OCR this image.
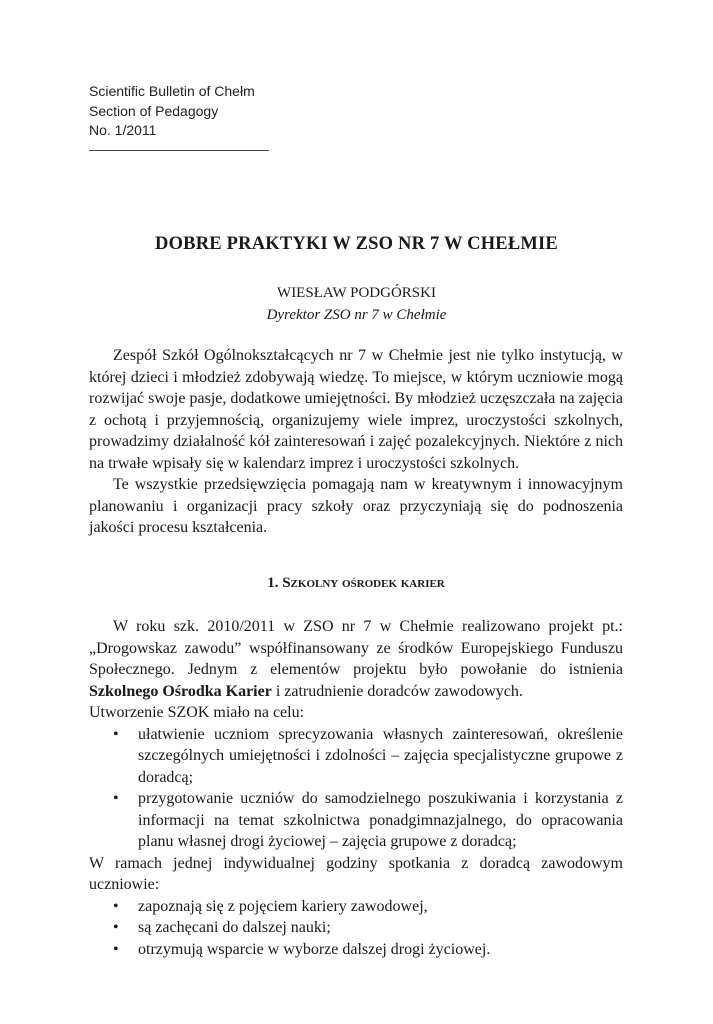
Scientific Bulletin of Chełm
Section of Pedagogy
No. 1/2011
DOBRE PRAKTYKI W ZSO NR 7 W CHEŁMIE
WIESŁAW PODGÓRSKI
Dyrektor ZSO nr 7 w Chełmie

Zespół Szkół Ogólnokształcących nr 7 w Chełmie jest nie tylko instytucją, w której dzieci i młodzież zdobywają wiedzę. To miejsce, w którym uczniowie mogą rozwijać swoje pasje, dodatkowe umiejętności. By młodzież uczęszczała na zajęcia z ochotą i przyjemnością, organizujemy wiele imprez, uroczystości szkolnych, prowadzimy działalność kół zainteresowań i zajęć pozalekcyjnych. Niektóre z nich na trwałe wpisały się w kalendarz imprez i uroczystości szkolnych.

Te wszystkie przedsięwzięcia pomagają nam w kreatywnym i innowacyjnym planowaniu i organizacji pracy szkoły oraz przyczyniają się do podnoszenia jakości procesu kształcenia.

1. Szkolny ośrodek karier

W roku szk. 2010/2011 w ZSO nr 7 w Chełmie realizowano projekt pt.: „Drogowskaz zawodu” współfinansowany ze środków Europejskiego Funduszu Społecznego. Jednym z elementów projektu było powołanie do istnienia Szkolnego Ośrodka Karier i zatrudnienie doradców zawodowych.

Utworzenie SZOK miało na celu:

• ułatwienie uczniom sprecyzowania własnych zainteresowań, określenie szczególnych umiejętności i zdolności – zajęcia specjalistyczne grupowe z doradcą;
• przygotowanie uczniów do samodzielnego poszukiwania i korzystania z informacji na temat szkolnictwa ponadgimnazjalnego, do opracowania planu własnej drogi życiowej – zajęcia grupowe z doradcą;

W ramach jednej indywidualnej godziny spotkania z doradcą zawodowym uczniowie:

• zapoznają się z pojęciem kariery zawodowej,
• są zachęcani do dalszej nauki;
• otrzymują wsparcie w wyborze dalszej drogi życiowej.
